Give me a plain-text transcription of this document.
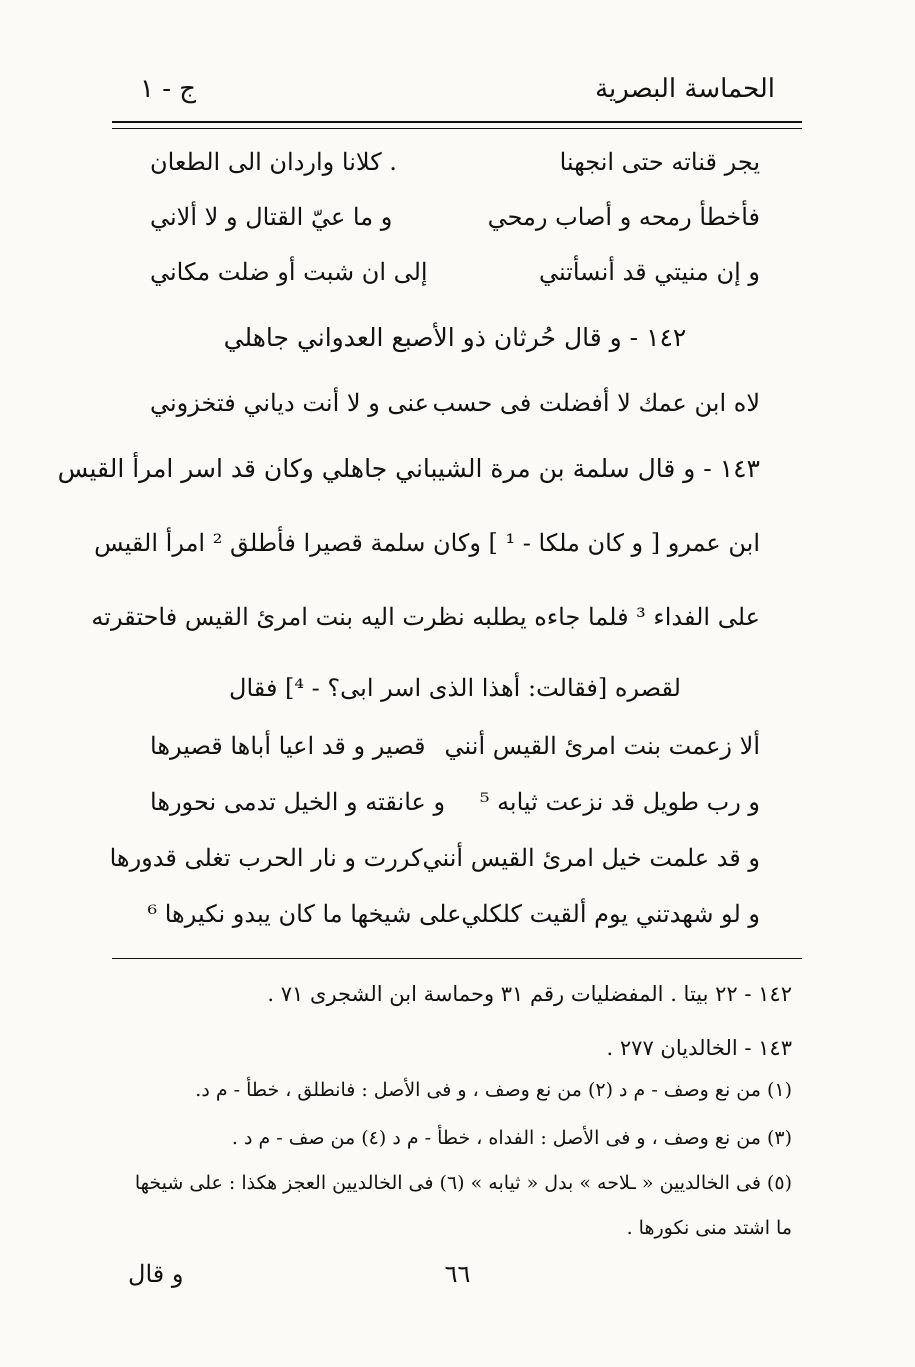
ج - ١	الحماسة البصرية
يجر قناته حتى انجهنا
. كلانا واردان الى الطعان
فأخطأ رمحه و أصاب رمحي
و ما عيّ القتال و لا ألاني
و إن منيتي قد أنسأتني
إلى ان شبت أو ضلت مكاني
١٤٢ - و قال حُرثان ذو الأصبع العدواني جاهلي
لاه ابن عمك لا أفضلت فى حسب
عنى و لا أنت دياني فتخزوني
١٤٣ - و قال سلمة بن مرة الشيباني جاهلي وكان قد اسر امرأ القيس
ابن عمرو [ و كان ملكا - ¹ ] وكان سلمة قصيرا فأطلق ² امرأ القيس
على الفداء ³ فلما جاءه يطلبه نظرت اليه بنت امرئ القيس فاحتقرته
لقصره [فقالت: أهذا الذى اسر ابى؟ - ⁴] فقال
ألا زعمت بنت امرئ القيس أنني
قصير و قد اعيا أباها قصيرها
و رب طويل قد نزعت ثيابه ⁵
و عانقته و الخيل تدمى نحورها
و قد علمت خيل امرئ القيس أنني
كررت و نار الحرب تغلى قدورها
و لو شهدتني يوم ألقيت كلكلي
على شيخها ما كان يبدو نكيرها ⁶
١٤٢ - ٢٢ بيتا . المفضليات رقم ٣١ وحماسة ابن الشجرى ٧١ .
١٤٣ - الخالديان ٢٧٧ .
(١) من نع وصف - م د (٢) من نع وصف ، و فى الأصل : فانطلق ، خطأ - م د.
(٣) من نع وصف ، و فى الأصل : الفداه ، خطأ - م د (٤) من صف - م د .
(٥) فى الخالديين « ـلاحه » بدل « ثيابه » (٦) فى الخالديين العجز هكذا : على شيخها
ما اشتد منى نكورها .
٦٦
و قال
